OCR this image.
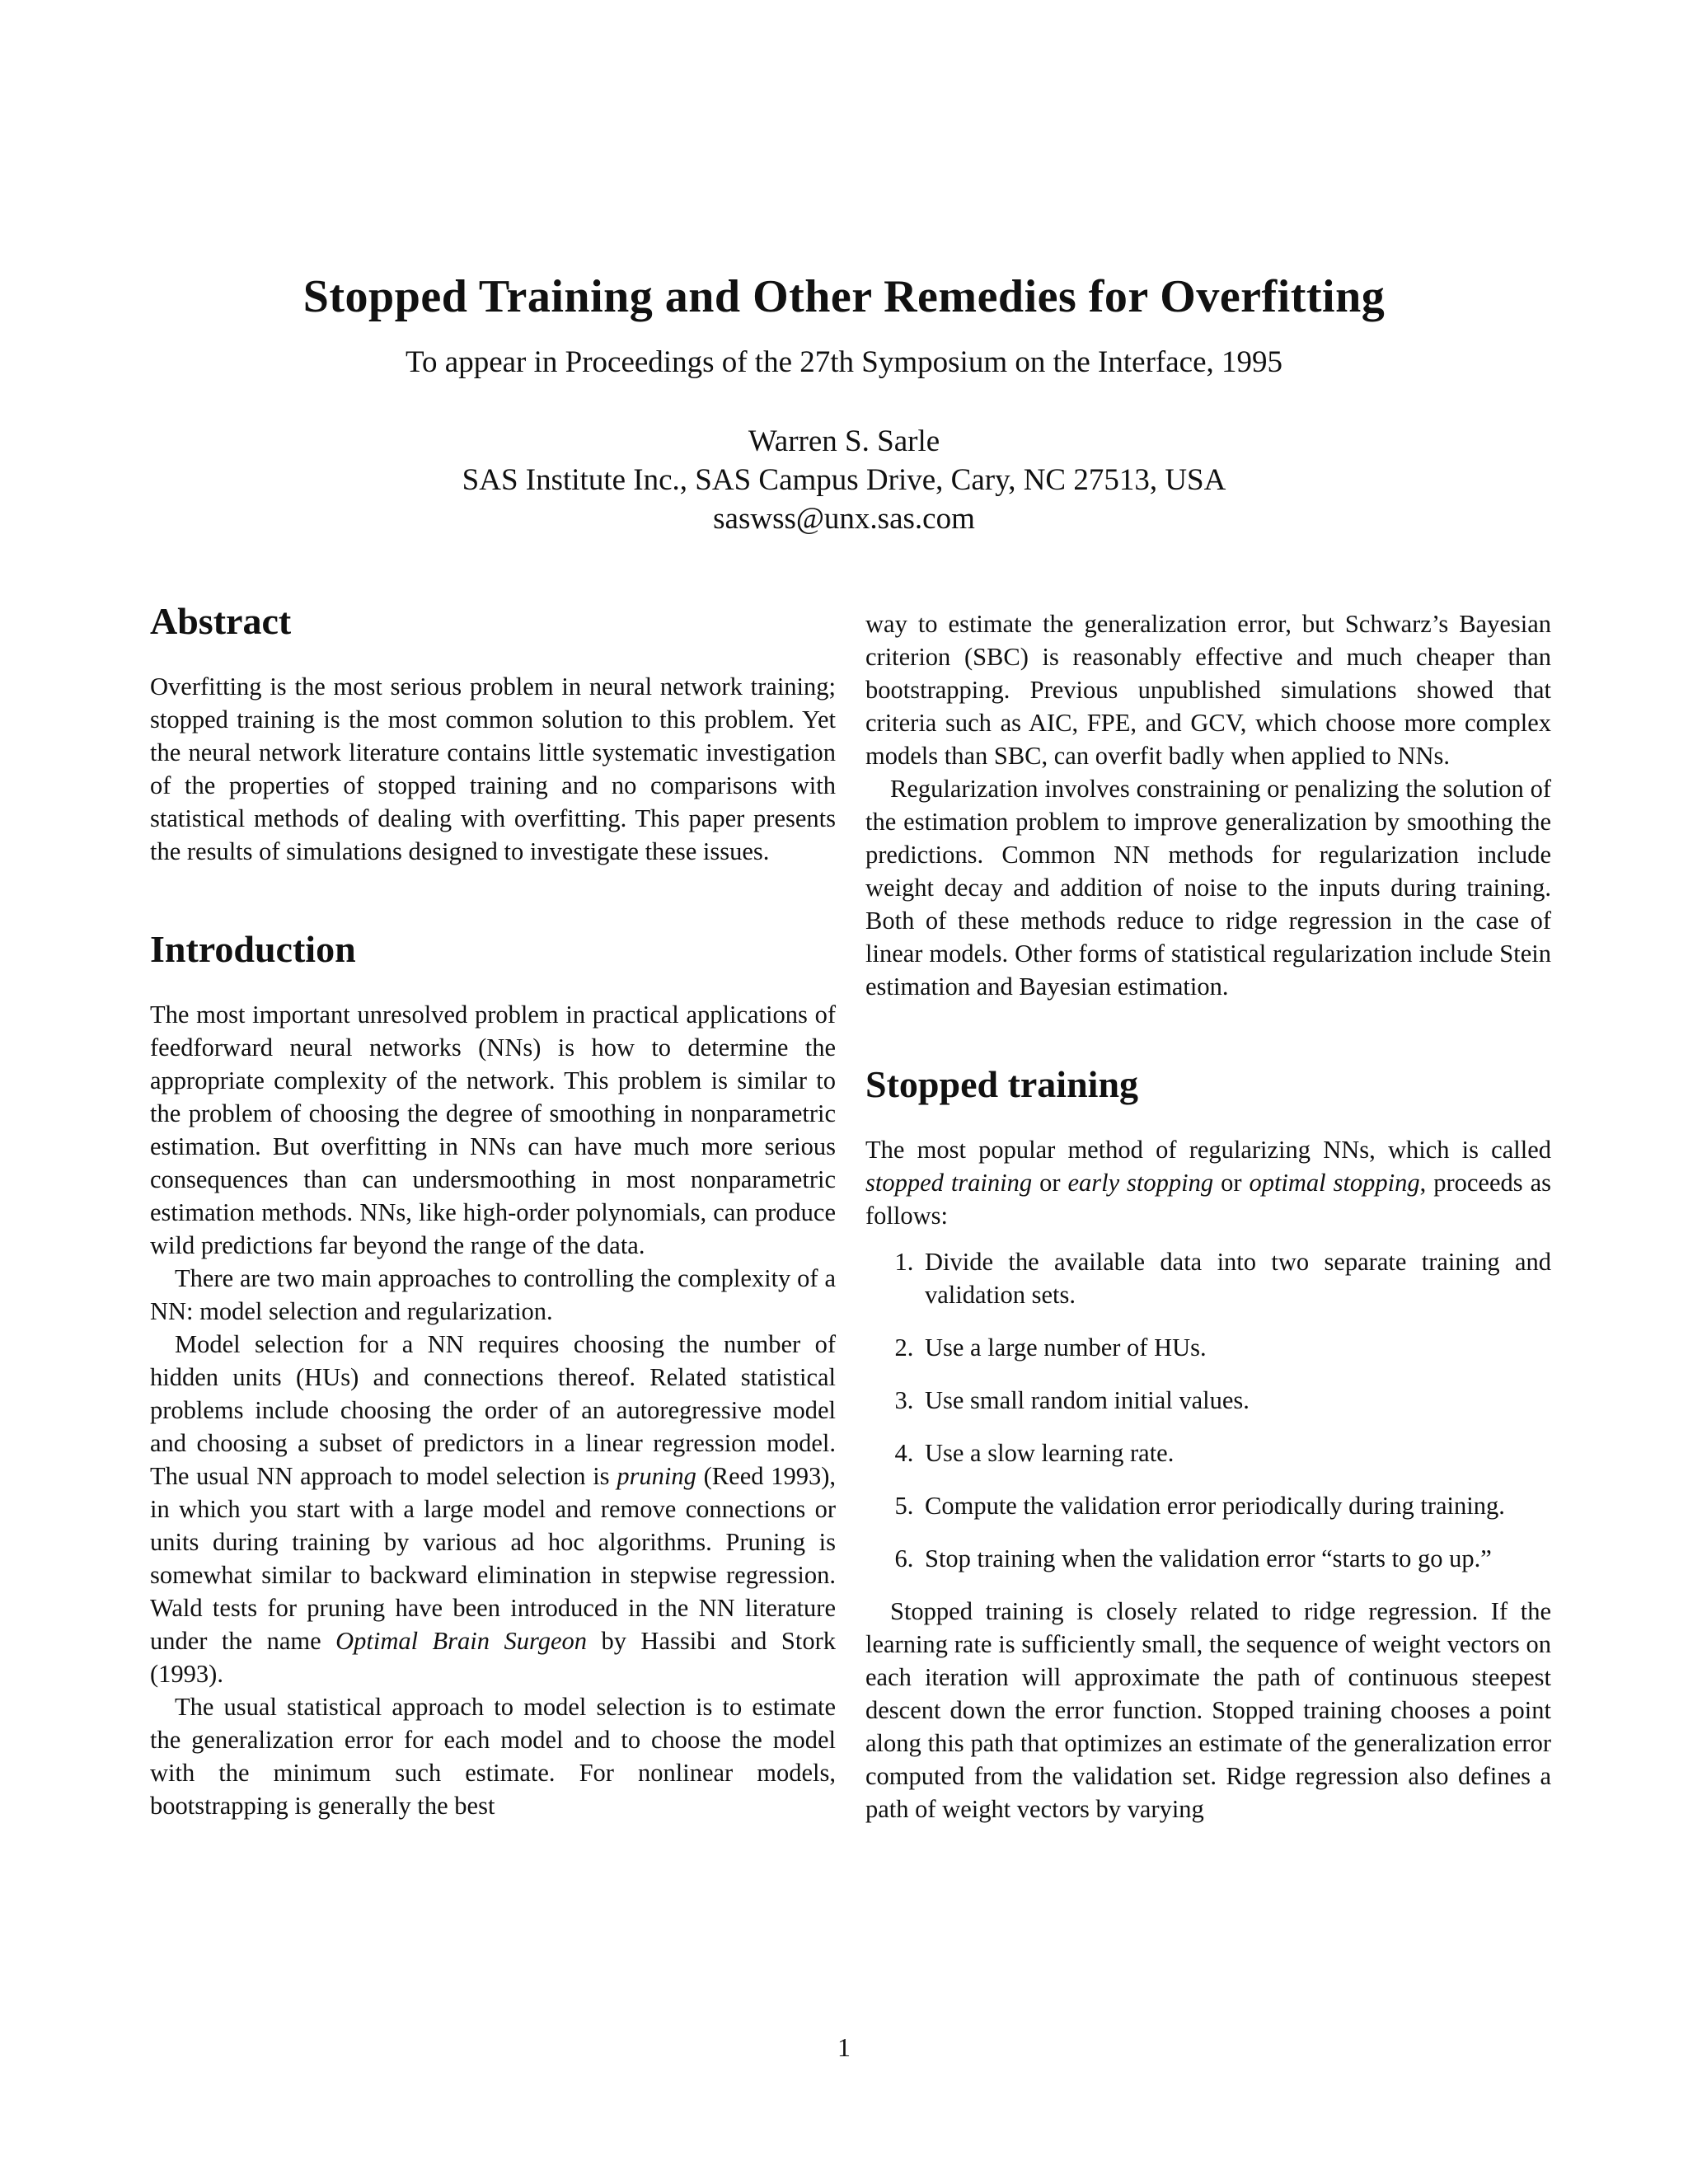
Stopped Training and Other Remedies for Overfitting

To appear in Proceedings of the 27th Symposium on the Interface, 1995

Warren S. Sarle
SAS Institute Inc., SAS Campus Drive, Cary, NC 27513, USA
saswss@unx.sas.com
Abstract

Overfitting is the most serious problem in neural network training; stopped training is the most common solution to this problem. Yet the neural network literature contains little systematic investigation of the properties of stopped training and no comparisons with statistical methods of dealing with overfitting. This paper presents the results of simulations designed to investigate these issues.

Introduction

The most important unresolved problem in practical applications of feedforward neural networks (NNs) is how to determine the appropriate complexity of the network. This problem is similar to the problem of choosing the degree of smoothing in nonparametric estimation. But overfitting in NNs can have much more serious consequences than can undersmoothing in most nonparametric estimation methods. NNs, like high-order polynomials, can produce wild predictions far beyond the range of the data.

There are two main approaches to controlling the complexity of a NN: model selection and regularization.

Model selection for a NN requires choosing the number of hidden units (HUs) and connections thereof. Related statistical problems include choosing the order of an autoregressive model and choosing a subset of predictors in a linear regression model. The usual NN approach to model selection is pruning (Reed 1993), in which you start with a large model and remove connections or units during training by various ad hoc algorithms. Pruning is somewhat similar to backward elimination in stepwise regression. Wald tests for pruning have been introduced in the NN literature under the name Optimal Brain Surgeon by Hassibi and Stork (1993).

The usual statistical approach to model selection is to estimate the generalization error for each model and to choose the model with the minimum such estimate. For nonlinear models, bootstrapping is generally the best

way to estimate the generalization error, but Schwarz’s Bayesian criterion (SBC) is reasonably effective and much cheaper than bootstrapping. Previous unpublished simulations showed that criteria such as AIC, FPE, and GCV, which choose more complex models than SBC, can overfit badly when applied to NNs.

Regularization involves constraining or penalizing the solution of the estimation problem to improve generalization by smoothing the predictions. Common NN methods for regularization include weight decay and addition of noise to the inputs during training. Both of these methods reduce to ridge regression in the case of linear models. Other forms of statistical regularization include Stein estimation and Bayesian estimation.

Stopped training

The most popular method of regularizing NNs, which is called stopped training or early stopping or optimal stopping, proceeds as follows:

1. Divide the available data into two separate training and validation sets.
2. Use a large number of HUs.
3. Use small random initial values.
4. Use a slow learning rate.
5. Compute the validation error periodically during training.
6. Stop training when the validation error “starts to go up.”

Stopped training is closely related to ridge regression. If the learning rate is sufficiently small, the sequence of weight vectors on each iteration will approximate the path of continuous steepest descent down the error function. Stopped training chooses a point along this path that optimizes an estimate of the generalization error computed from the validation set. Ridge regression also defines a path of weight vectors by varying

1
